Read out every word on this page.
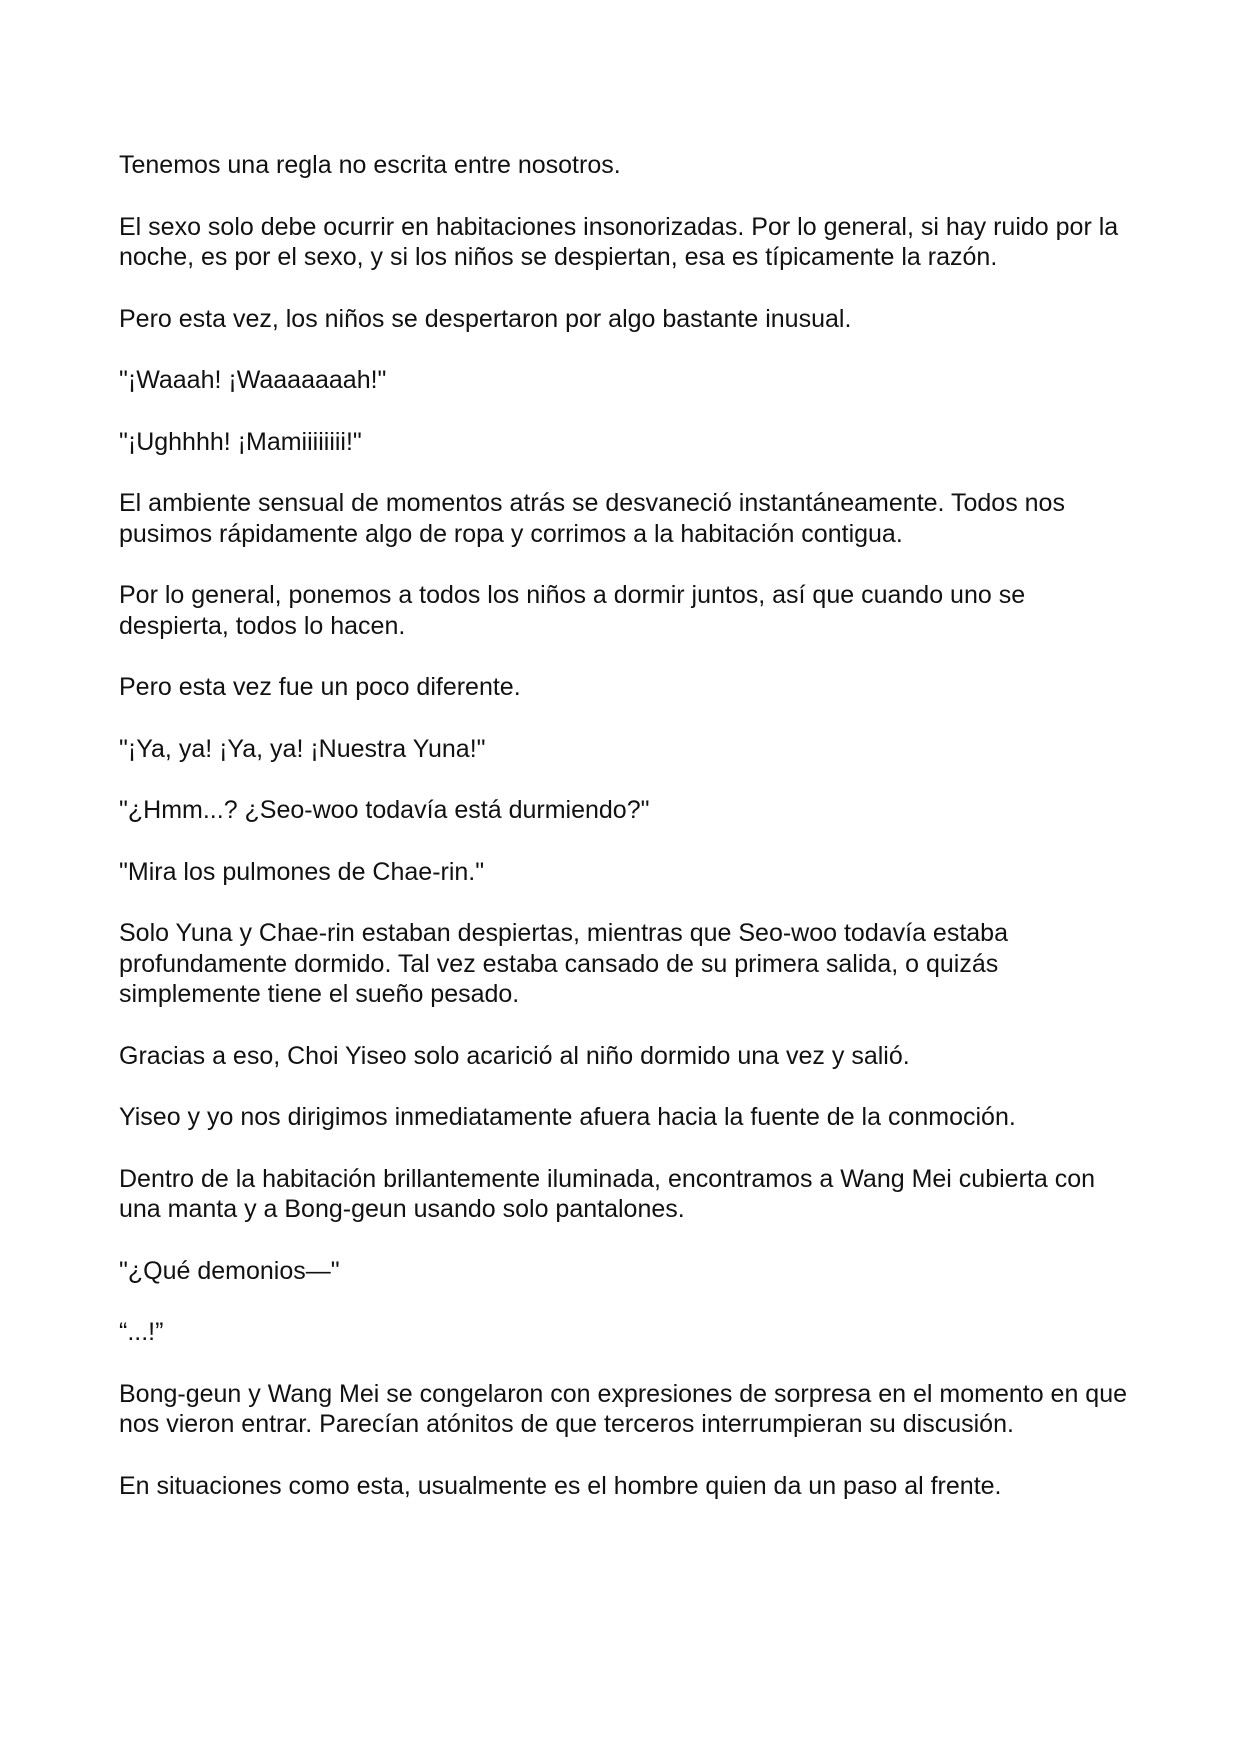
Tenemos una regla no escrita entre nosotros.

El sexo solo debe ocurrir en habitaciones insonorizadas. Por lo general, si hay ruido por la noche, es por el sexo, y si los niños se despiertan, esa es típicamente la razón.

Pero esta vez, los niños se despertaron por algo bastante inusual.

"¡Waaah! ¡Waaaaaaah!"

"¡Ughhhh! ¡Mamiiiiiiii!"

El ambiente sensual de momentos atrás se desvaneció instantáneamente. Todos nos pusimos rápidamente algo de ropa y corrimos a la habitación contigua.

Por lo general, ponemos a todos los niños a dormir juntos, así que cuando uno se despierta, todos lo hacen.

Pero esta vez fue un poco diferente.

"¡Ya, ya! ¡Ya, ya! ¡Nuestra Yuna!"

"¿Hmm...? ¿Seo-woo todavía está durmiendo?"

"Mira los pulmones de Chae-rin."

Solo Yuna y Chae-rin estaban despiertas, mientras que Seo-woo todavía estaba profundamente dormido. Tal vez estaba cansado de su primera salida, o quizás simplemente tiene el sueño pesado.

Gracias a eso, Choi Yiseo solo acarició al niño dormido una vez y salió.

Yiseo y yo nos dirigimos inmediatamente afuera hacia la fuente de la conmoción.

Dentro de la habitación brillantemente iluminada, encontramos a Wang Mei cubierta con una manta y a Bong-geun usando solo pantalones.

"¿Qué demonios—"

“...!”

Bong-geun y Wang Mei se congelaron con expresiones de sorpresa en el momento en que nos vieron entrar. Parecían atónitos de que terceros interrumpieran su discusión.

En situaciones como esta, usualmente es el hombre quien da un paso al frente.
